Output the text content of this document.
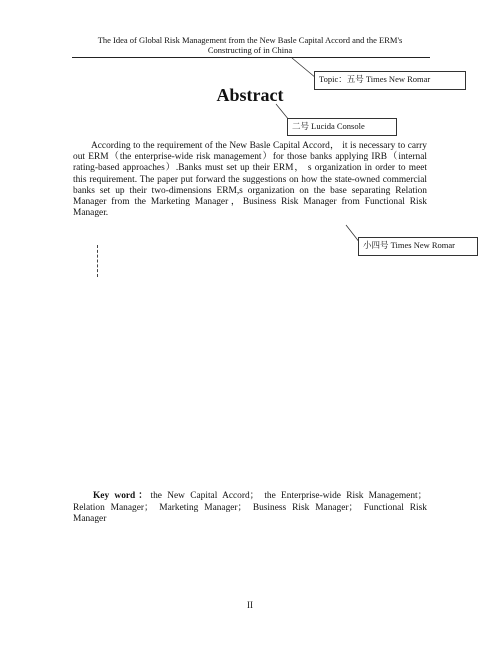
The Idea of Global Risk Management from the New Basle Capital Accord and the ERM's
Constructing of in China
Topic：五号 Times New Romar
二号 Lucida Console
小四号 Times New Romar
Abstract

According to the requirement of the New Basle Capital Accord， it is necessary to carry out ERM（the enterprise-wide risk management）for those banks applying IRB（internal rating-based approaches）.Banks must set up their ERM， s organization in order to meet this requirement. The paper put forward the suggestions on how the state-owned commercial banks set up their two-dimensions ERM,s organization on the base separating Relation Manager from the Marketing Manager，Business Risk Manager from Functional Risk Manager.

Key word：the New Capital Accord； the Enterprise-wide Risk Management；Relation Manager； Marketing Manager； Business Risk Manager； Functional Risk Manager

II
